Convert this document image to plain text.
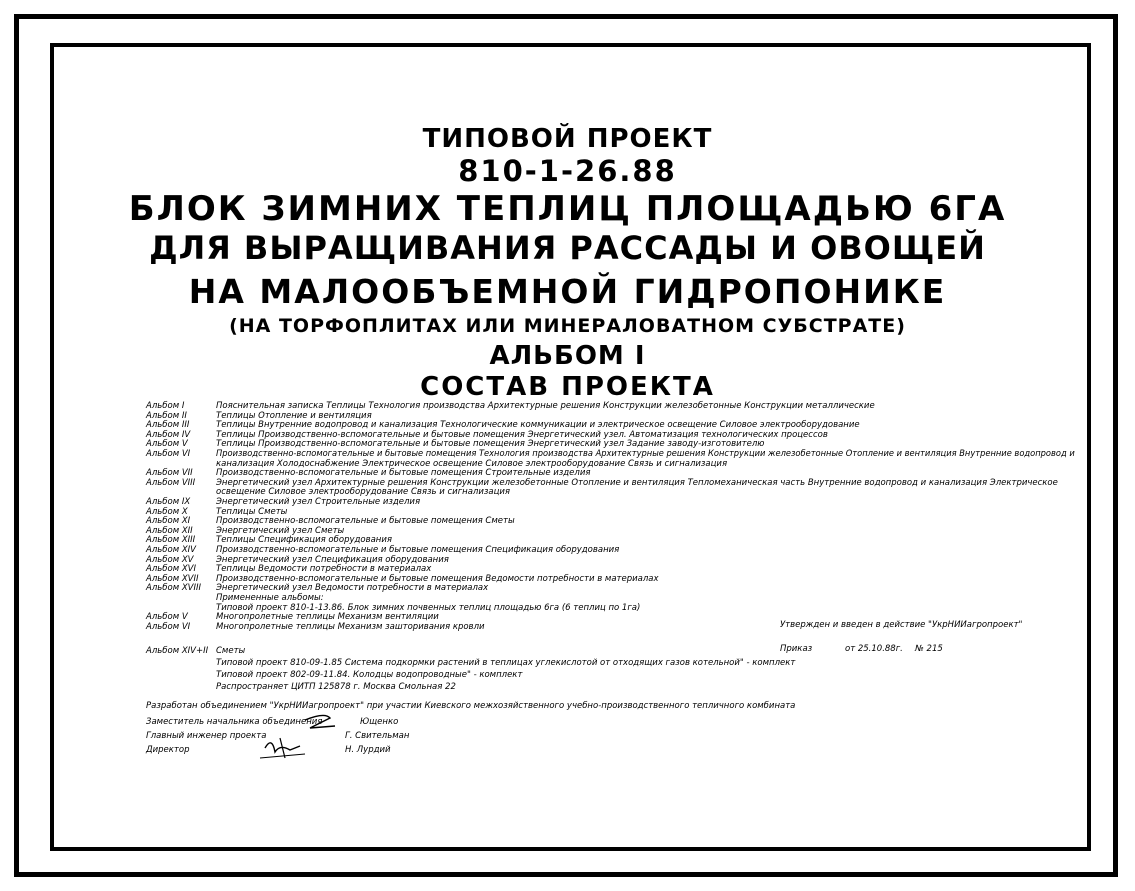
ТИПОВОЙ ПРОЕКТ
810-1-26.88
БЛОК ЗИМНИХ ТЕПЛИЦ ПЛОЩАДЬЮ 6ГА
ДЛЯ ВЫРАЩИВАНИЯ РАССАДЫ И ОВОЩЕЙ
НА МАЛООБЪЕМНОЙ ГИДРОПОНИКЕ
(НА ТОРФОПЛИТАХ ИЛИ МИНЕРАЛОВАТНОМ СУБСТРАТЕ)
АЛЬБОМ I
СОСТАВ ПРОЕКТА
Альбом I	Пояснительная записка Теплицы Технология производства Архитектурные решения Конструкции железобетонные Конструкции металлические
Альбом II	Теплицы Отопление и вентиляция
Альбом III	Теплицы Внутренние водопровод и канализация Технологические коммуникации и электрическое освещение Силовое электрооборудование
Альбом IV	Теплицы Производственно-вспомогательные и бытовые помещения Энергетический узел. Автоматизация технологических процессов
Альбом V	Теплицы Производственно-вспомогательные и бытовые помещения Энергетический узел Задание заводу-изготовителю
Альбом VI	Производственно-вспомогательные и бытовые помещения Технология производства Архитектурные решения Конструкции железобетонные Отопление и вентиляция Внутренние водопровод и
канализация Холодоснабжение Электрическое освещение Силовое электрооборудование Связь и сигнализация
Альбом VII	Производственно-вспомогательные и бытовые помещения Строительные изделия
Альбом VIII	Энергетический узел Архитектурные решения Конструкции железобетонные Отопление и вентиляция Тепломеханическая часть Внутренние водопровод и канализация Электрическое
освещение Силовое электрооборудование Связь и сигнализация
Альбом IX	Энергетический узел Строительные изделия
Альбом X	Теплицы Сметы
Альбом XI	Производственно-вспомогательные и бытовые помещения Сметы
Альбом XII	Энергетический узел Сметы
Альбом XIII	Теплицы Спецификация оборудования
Альбом XIV	Производственно-вспомогательные и бытовые помещения Спецификация оборудования
Альбом XV	Энергетический узел Спецификация оборудования
Альбом XVI	Теплицы Ведомости потребности в материалах
Альбом XVII	Производственно-вспомогательные и бытовые помещения Ведомости потребности в материалах
Альбом XVIII	Энергетический узел Ведомости потребности в материалах
Примененные альбомы:
Типовой проект 810-1-13.86. Блок зимних почвенных теплиц площадью 6га (6 теплиц по 1га)
Альбом V	Многопролетные теплицы Механизм вентиляции
Альбом VI	Многопролетные теплицы Механизм зашторивания кровли	Утвержден и введен в действие "УкрНИИагропроект"
Приказ	от 25.10.88г. № 215
Альбом XIV+II Сметы
Типовой проект 810-09-1.85 Система подкормки растений в теплицах углекислотой от отходящих газов котельной" - комплект
Типовой проект 802-09-11.84. Колодцы водопроводные" - комплект
Распространяет ЦИТП 125878 г. Москва Смольная 22
Разработан объединением "УкрНИИагропроект" при участии Киевского межхозяйственного учебно-производственного тепличного комбината
Заместитель начальника объединения	Ющенко
Главный инженер проекта	Г. Свительман
Директор	Н. Лурдий
